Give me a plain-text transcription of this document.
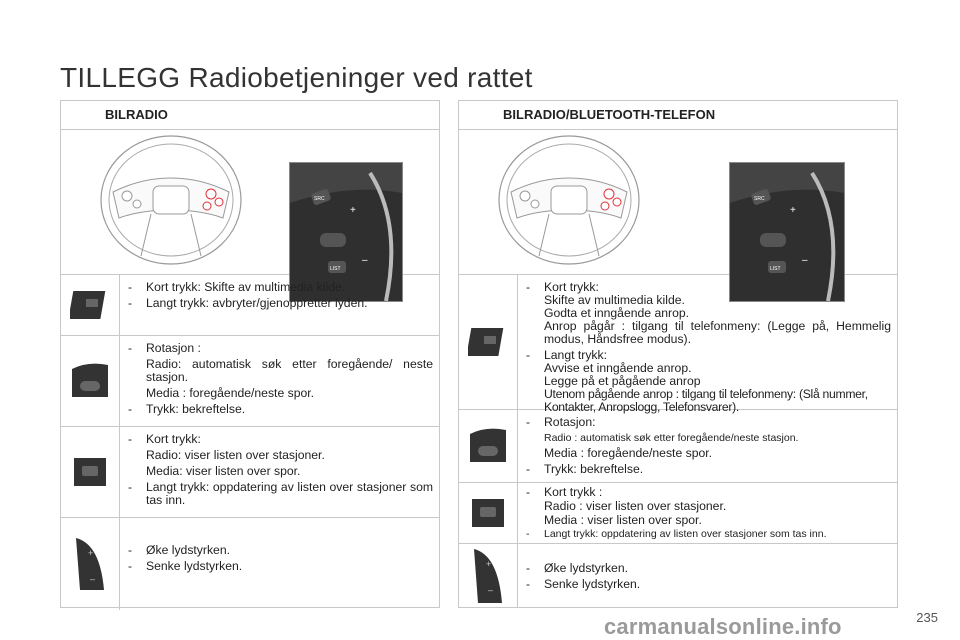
TILLEGG Radiobetjeninger ved rattet
BILRADIO
SRC
+
LIST
–
-	Kort trykk: Skifte av multimedia kilde.
-	Langt trykk: avbryter/gjenoppretter lyden.
-	Rotasjon :
Radio: automatisk søk etter foregående/ neste stasjon.
Media : foregående/neste spor.
-	Trykk: bekreftelse.
-	Kort trykk:
Radio: viser listen over stasjoner.
Media: viser listen over spor.
-	Langt trykk: oppdatering av listen over stasjoner som tas inn.
+
–
-	Øke lydstyrken.
-	Senke lydstyrken.
BILRADIO/BLUETOOTH-TELEFON
SRC
+
LIST
–
-	Kort trykk:
Skifte av multimedia kilde.
Godta et inngående anrop.
Anrop pågår : tilgang til telefonmeny: (Legge på, Hemmelig modus, Håndsfree modus).
-	Langt trykk:
Avvise et inngående anrop.
Legge på et pågående anrop
Utenom pågående anrop : tilgang til telefonmeny: (Slå nummer, Kontakter, Anropslogg, Telefonsvarer).
-	Rotasjon:
Radio : automatisk søk etter foregående/neste stasjon.
Media : foregående/neste spor.
-	Trykk: bekreftelse.
-	Kort trykk :
Radio : viser listen over stasjoner.
Media : viser listen over spor.
-	Langt trykk: oppdatering av listen over stasjoner som tas inn.
+
–
-	Øke lydstyrken.
-	Senke lydstyrken.
235
carmanualsonline.info
